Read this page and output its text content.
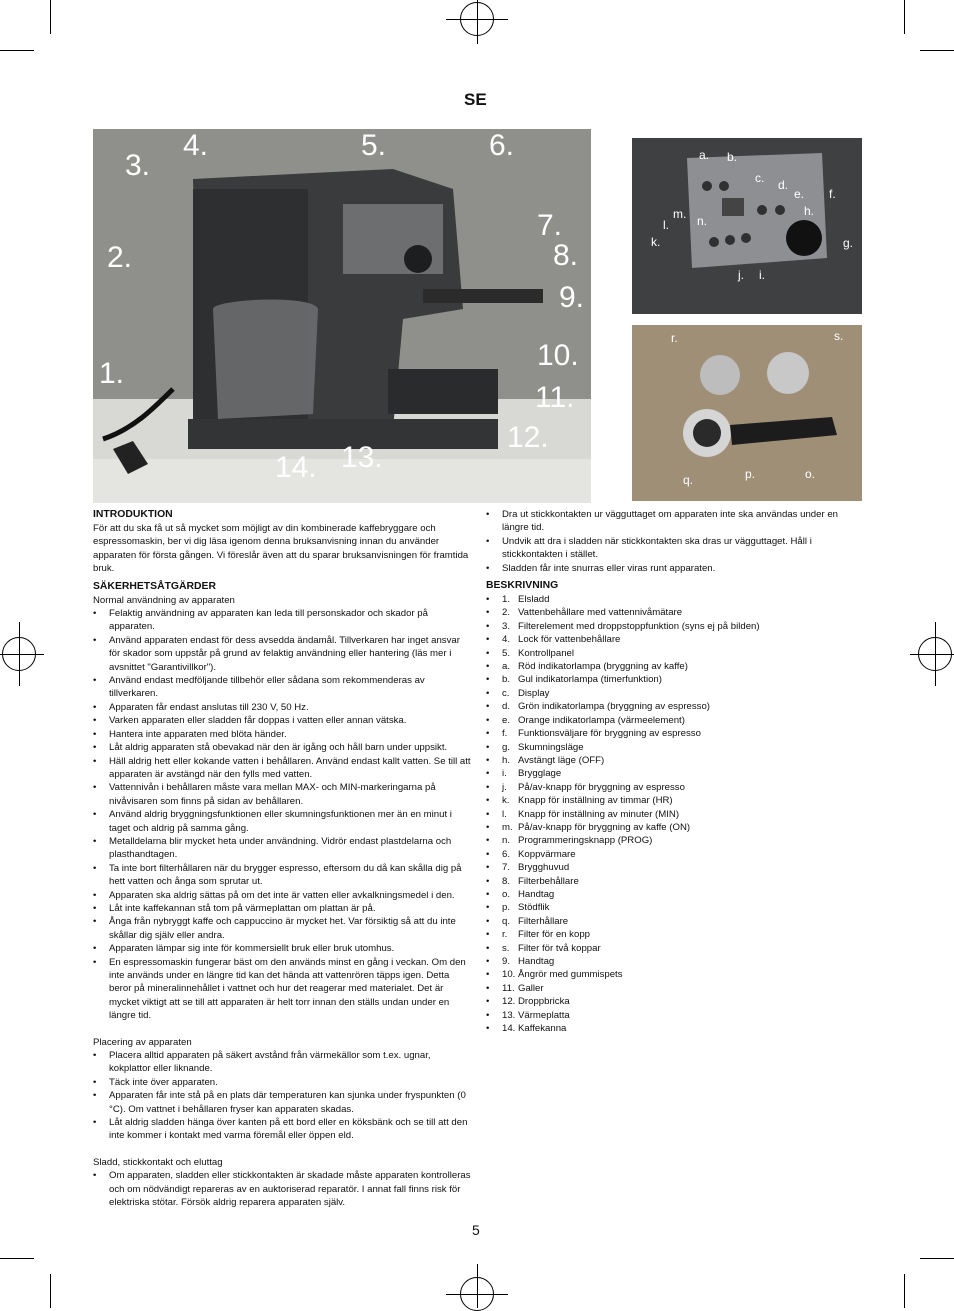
SE
1.
2.
3.
4.	5.	6.
7.
8.
9.
10.
11.
12.
13.
14.
a. b.
c. d.
e. f.
g.
h.
i.
j.
k.
l.
m. n.
r.	s.
q.	p.	o.
INTRODUKTION

För att du ska få ut så mycket som möjligt av din kombinerade kaffebryggare och espressomaskin, ber vi dig läsa igenom denna bruksanvisning innan du använder apparaten för första gången. Vi föreslår även att du sparar bruksanvisningen för framtida bruk.

SÄKERHETSÅTGÄRDER

Normal användning av apparaten

• Felaktig användning av apparaten kan leda till personskador och skador på apparaten.
• Använd apparaten endast för dess avsedda ändamål. Tillverkaren har inget ansvar för skador som uppstår på grund av felaktig användning eller hantering (läs mer i avsnittet "Garantivillkor").
• Använd endast medföljande tillbehör eller sådana som rekommenderas av tillverkaren.
• Apparaten får endast anslutas till 230 V, 50 Hz.
• Varken apparaten eller sladden får doppas i vatten eller annan vätska.
• Hantera inte apparaten med blöta händer.
• Låt aldrig apparaten stå obevakad när den är igång och håll barn under uppsikt.
• Häll aldrig hett eller kokande vatten i behållaren. Använd endast kallt vatten. Se till att apparaten är avstängd när den fylls med vatten.
• Vattennivån i behållaren måste vara mellan MAX- och MIN-markeringarna på nivåvisaren som finns på sidan av behållaren.
• Använd aldrig bryggningsfunktionen eller skumningsfunktionen mer än en minut i taget och aldrig på samma gång.
• Metalldelarna blir mycket heta under användning. Vidrör endast plastdelarna och plasthandtagen.
• Ta inte bort filterhållaren när du brygger espresso, eftersom du då kan skålla dig på hett vatten och ånga som sprutar ut.
• Apparaten ska aldrig sättas på om det inte är vatten eller avkalkningsmedel i den.
• Låt inte kaffekannan stå tom på värmeplattan om plattan är på.
• Ånga från nybryggt kaffe och cappuccino är mycket het. Var försiktig så att du inte skållar dig själv eller andra.
• Apparaten lämpar sig inte för kommersiellt bruk eller bruk utomhus.
• En espressomaskin fungerar bäst om den används minst en gång i veckan. Om den inte används under en längre tid kan det hända att vattenrören täpps igen. Detta beror på mineralinnehållet i vattnet och hur det reagerar med materialet. Det är mycket viktigt att se till att apparaten är helt torr innan den ställs undan under en längre tid.

Placering av apparaten

• Placera alltid apparaten på säkert avstånd från värmekällor som t.ex. ugnar, kokplattor eller liknande.
• Täck inte över apparaten.
• Apparaten får inte stå på en plats där temperaturen kan sjunka under fryspunkten (0 °C). Om vattnet i behållaren fryser kan apparaten skadas.
• Låt aldrig sladden hänga över kanten på ett bord eller en köksbänk och se till att den inte kommer i kontakt med varma föremål eller öppen eld.

Sladd, stickkontakt och eluttag

• Om apparaten, sladden eller stickkontakten är skadade måste apparaten kontrolleras och om nödvändigt repareras av en auktoriserad reparatör. I annat fall finns risk för elektriska stötar. Försök aldrig reparera apparaten själv.
• Dra ut stickkontakten ur vägguttaget om apparaten inte ska användas under en längre tid.
• Undvik att dra i sladden när stickkontakten ska dras ur vägguttaget. Håll i stickkontakten i stället.
• Sladden får inte snurras eller viras runt apparaten.
BESKRIVNING
• 1. Elsladd
• 2. Vattenbehållare med vattennivåmätare
• 3. Filterelement med droppstoppfunktion (syns ej på bilden)
• 4. Lock för vattenbehållare
• 5. Kontrollpanel
• a. Röd indikatorlampa (bryggning av kaffe)
• b. Gul indikatorlampa (timerfunktion)
• c. Display
• d. Grön indikatorlampa (bryggning av espresso)
• e. Orange indikatorlampa (värmeelement)
• f.	Funktionsväljare för bryggning av espresso
• g. Skumningsläge
• h. Avstängt läge (OFF)
• i.	Brygglage
• j.	På/av-knapp för bryggning av espresso
• k. Knapp för inställning av timmar (HR)
• l.	Knapp för inställning av minuter (MIN)
• m. På/av-knapp för bryggning av kaffe (ON)
• n. Programmeringsknapp (PROG)
• 6. Koppvärmare
• 7. Brygghuvud
• 8. Filterbehållare
• o. Handtag
• p. Stödflik
• q. Filterhållare
• r.	Filter för en kopp
• s. Filter för två koppar
• 9. Handtag
• 10. Ångrör med gummispets
• 11. Galler
• 12. Droppbricka
• 13. Värmeplatta
• 14. Kaffekanna
5
